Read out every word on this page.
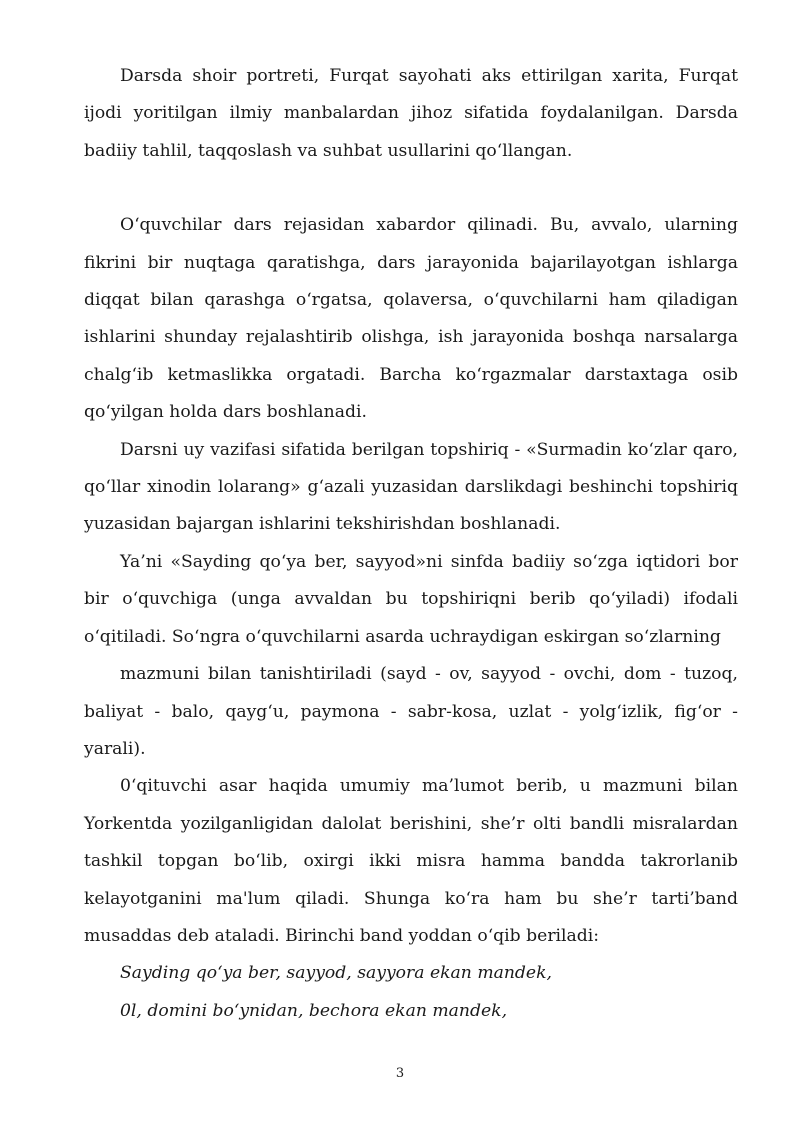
Darsda shoir portreti, Furqat sayohati aks ettirilgan xarita, Furqat ijodi yoritilgan ilmiy manbalardan jihoz sifatida foydalanilgan. Darsda badiiy tahlil, taqqoslash va suhbat usullarini qo‘llangan.

O‘quvchilar dars rejasidan xabardor qilinadi. Bu, avvalo, ularning fikrini bir nuqtaga qaratishga, dars jarayonida bajarilayotgan ishlarga diqqat bilan qarashga o‘rgatsa, qolaversa, o‘quvchilarni ham qiladigan ishlarini shunday rejalashtirib olishga, ish jarayonida boshqa narsalarga chalg‘ib ketmaslikka orgatadi. Barcha ko‘rgazmalar darstaxtaga osib qo‘yilgan holda dars boshlanadi.

Darsni uy vazifasi sifatida berilgan topshiriq - «Surmadin ko‘zlar qaro, qo‘llar xinodin lolarang» g‘azali yuzasidan darslikdagi beshinchi topshiriq yuzasidan bajargan ishlarini tekshirishdan boshlanadi.

Ya’ni «Sayding qo‘ya ber, sayyod»ni sinfda badiiy so‘zga iqtidori bor bir o‘quvchiga (unga avvaldan bu topshiriqni berib qo‘yiladi) ifodali o‘qitiladi. So‘ngra o‘quvchilarni asarda uchraydigan eskirgan so‘zlarning

mazmuni bilan tanishtiriladi (sayd - ov, sayyod - ovchi, dom - tuzoq, baliyat - balo, qayg‘u, paymona - sabr-kosa, uzlat - yolg‘izlik, fig‘or - yarali).

0‘qituvchi asar haqida umumiy ma’lumot berib, u mazmuni bilan Yorkentda yozilganligidan dalolat berishini, she’r olti bandli misralardan tashkil topgan bo‘lib, oxirgi ikki misra hamma bandda takrorlanib kelayotganini ma'lum qiladi. Shunga ko‘ra ham bu she’r tarti’band musaddas deb ataladi. Birinchi band yoddan o‘qib beriladi:

Sayding qo‘ya ber, sayyod, sayyora ekan mandek,

0l, domini bo‘ynidan, bechora ekan mandek,

3
